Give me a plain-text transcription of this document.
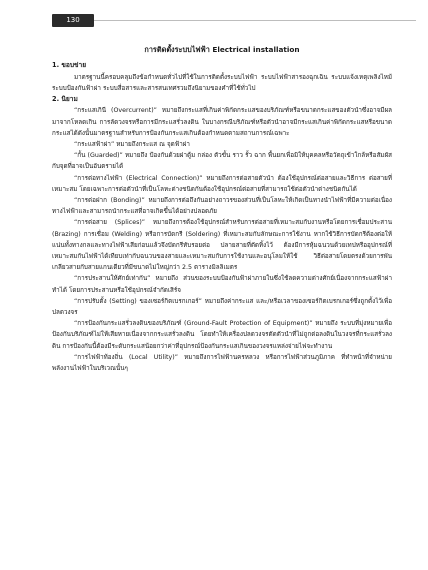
130
การติดตั้งระบบไฟฟ้า Electrical installation
1. ขอบข่าย

มาตรฐานนี้ครอบคลุมถึงข้อกำหนดทั่วไปที่ใช้ในการติดตั้งระบบไฟฟ้า ระบบไฟฟ้าสารองฉุกเฉิน ระบบแจ้งเหตุเพลิงไหม้ระบบป้องกันฟ้าผ่า ระบบสื่อสารและสารสนเทศรวมถึงนิยามของคำที่ใช้ทั่วไป

2. นิยาม

“กระแสเกินี (Overcurrent)” หมายถึงกระแสที่เกินค่าพิกัดกระแสของบริภัณฑ์หรือขนาดกระแสของตัวนำซึ่งอาจมีผลมาจากโหลดเกิน การลัดวงจรหรือการมีกระแสรั่วลงดิน ในบางกรณีบริภัณฑ์หรือตัวนำอาจมีกระแสเกินค่าพิกัดกระแสหรือขนาดกระแสได้ดังนั้นมาตรฐานสำหรับการป้องกันกระแสเกินต้องกำหนดตามสถานการณ์เฉพาะ

“กระแสฟ้าผ่า” หมายถึงกระแส ณ จุดฟ้าผ่า

“กั้น (Guarded)” หมายถึง ป้องกันด้วยฝาตู้ม กล่อง ตัวขั้น ราว รั้ว ฉาก พื้นยกเพื่อมิให้บุคคลหรือวัตถุเข้าใกล้หรือสัมผัสกับจุดที่อาจเป็นอันตรายได้

“การต่อทางไฟฟ้า (Electrical Connection)” หมายถึงการต่อสายตัวนำ ต้องใช้อุปกรณ์ต่อสายและวิธีการ ต่อสายที่เหมาะสม โดยเฉพาะการต่อตัวนำที่เป็นโลหะต่างชนิดกันต้องใช้อุปกรณ์ต่อสายที่สามารถใช้ต่อตัวนำต่างชนิดกันได้

“การต่อฝาก (Bonding)” หมายถึงการต่อถึงกันอย่างถาวรของส่วนที่เป็นโลหะให้เกิดเป็นทางนำไฟฟ้าที่มีความต่อเนื่องทางไฟฟ้าและสามารถนำกระแสที่อาจเกิดขึ้นได้อย่างปลอดภัย

“การต่อสาย (Splices)” หมายถึงการต้องใช้อุปกรณ์สำหรับการต่อสายที่เหมาะสมกับงานหรือโดยการเชื่อมประสาน (Brazing) การเชื่อม (Welding) หรือการบัดกรี (Soldering) ที่เหมาะสมกับลักษณะการใช้งาน หากใช้วิธีการบัดกรีต้องต่อให้แน่นทั้งทางกลและทางไฟฟ้าเสียก่อนแล้วจึงบัดกรีทับรอยต่อ ปลายสายที่ตัดทิ้งไว้ ต้องมีการหุ้มฉนวนด้วยเทปหรืออุปกรณ์ที่เหมาะสมกันไฟฟ้าได้เทียบเท่ากับฉนวนของสายและเหมาะสมกับการใช้งานและอนุโลมให้ใช้ วิธีต่อสายโดยตรงด้วยการพันเกลียวสายกับสายแกนเดียวที่มีขนาดไม่ใหญ่กว่า 2.5 ตารางมิลลิเมตร

“การประสานให้ศักย์เท่ากัน” หมายถึง ส่วนของระบบป้องกันฟ้าผ่าภายในซึ่งใช้ลดความต่างศักย์เนื่องจากกระแสฟ้าผ่า ทำได้ โดยการประสานหรือใช้อุปกรณ์จำกัดเสิร์จ

“การปรับตั้ง (Setting) ของเซอร์กิตเบรกเกอร์” หมายถึงค่ากระแส และ/หรือเวลาของเซอร์กิตเบรกเกอร์ซึ่งถูกตั้งไว้เพื่อปลดวงจร

“การป้องกันกระแสรั่วลงดินของบริภัณฑ์ (Ground-Fault Protection of Equipment)” หมายถึง ระบบที่มุ่งหมายเพื่อป้องกันบริภัณฑ์ไม่ให้เสียหายเนื่องจากกระแสรั่วลงดิน โดยทำให้เครื่องปลดวงจรตัดตัวนำที่ไม่ถูกต่อลงดินในวงจรที่กระแสรั่วลงดิน การป้องกันนี้ต้องมีระดับกระแสน้อยกว่าค่าที่อุปกรณ์ป้องกันกระแสเกินของวงจรแหล่งจ่ายไฟจะทำงาน

“การไฟฟ้าท้องถิ่น (Local Utility)” หมายถึงการไฟฟ้านครหลวง หรือการไฟฟ้าส่วนภูมิภาค ที่ทำหน้าที่จำหน่ายพลังงานไฟฟ้าในบริเวณนั้นๆ
